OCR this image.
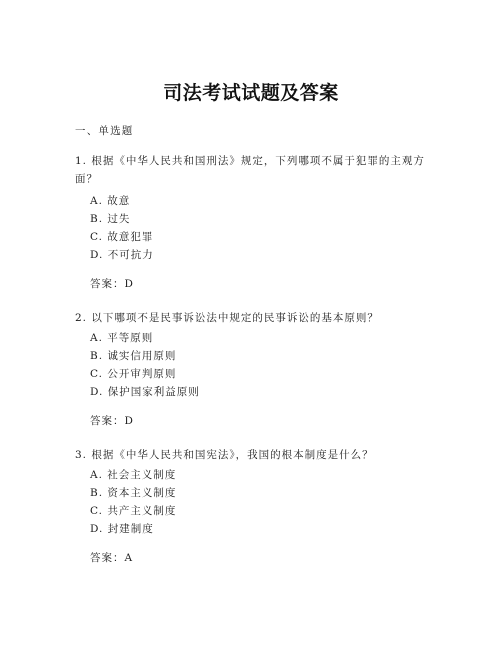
司法考试试题及答案
一、单选题
1. 根据《中华人民共和国刑法》规定，下列哪项不属于犯罪的主观方面？
A. 故意
B. 过失
C. 故意犯罪
D. 不可抗力
答案：D
2. 以下哪项不是民事诉讼法中规定的民事诉讼的基本原则？
A. 平等原则
B. 诚实信用原则
C. 公开审判原则
D. 保护国家利益原则
答案：D
3. 根据《中华人民共和国宪法》，我国的根本制度是什么？
A. 社会主义制度
B. 资本主义制度
C. 共产主义制度
D. 封建制度
答案：A
